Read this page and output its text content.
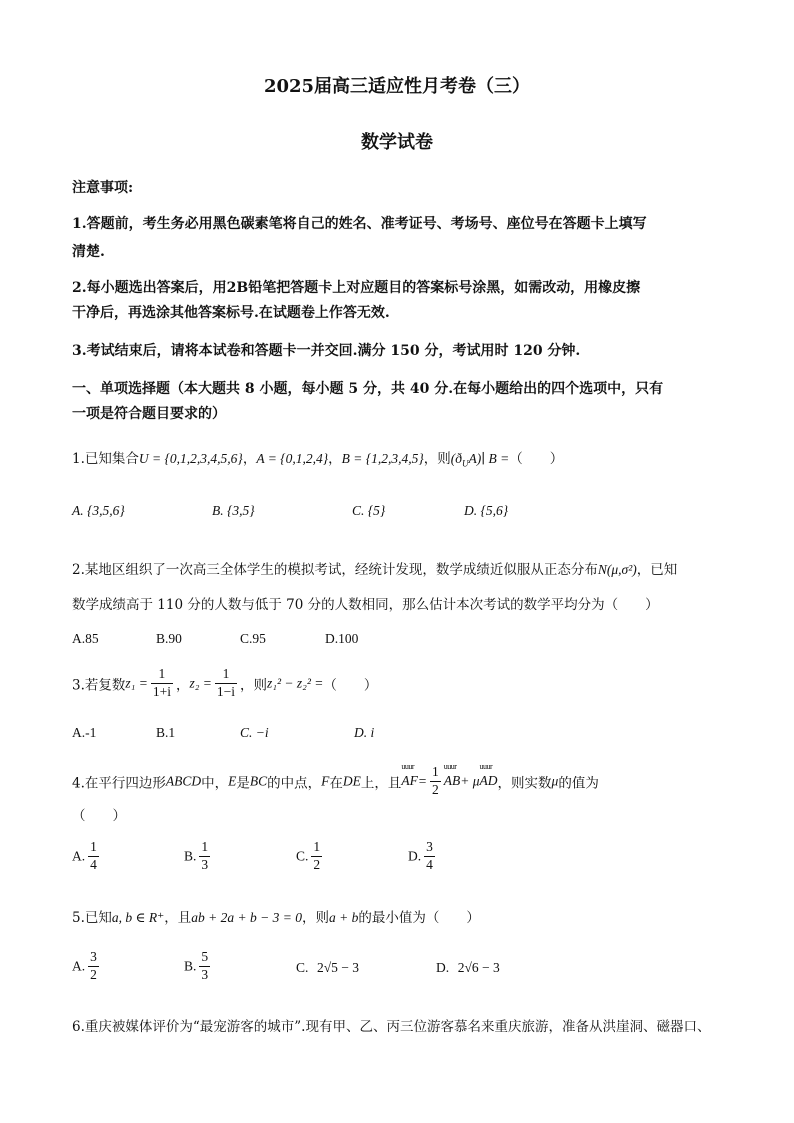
2025届高三适应性月考卷（三）
数学试卷
注意事项:
1.答题前，考生务必用黑色碳素笔将自己的姓名、准考证号、考场号、座位号在答题卡上填写
清楚.
2.每小题选出答案后，用2B铅笔把答题卡上对应题目的答案标号涂黑，如需改动，用橡皮擦
干净后，再选涂其他答案标号.在试题卷上作答无效.
3.考试结束后，请将本试卷和答题卡一并交回.满分 150 分，考试用时 120 分钟.
一、单项选择题（本大题共 8 小题，每小题 5 分，共 40 分.在每小题给出的四个选项中，只有
一项是符合题目要求的）
1.已知集合U = {0,1,2,3,4,5,6}，A = {0,1,2,4}，B = {1,2,3,4,5}，则$(ð_UA)∣$ B =（　　）
A. {3,5,6}	B. {3,5}	C. {5}	D. {5,6}
2.某地区组织了一次高三全体学生的模拟考试，经统计发现，数学成绩近似服从正态分布N(μ,σ²)，已知
数学成绩高于 110 分的人数与低于 70 分的人数相同，那么估计本次考试的数学平均分为（　　）
A.85	B.90	C.95	D.100
3.若复数$z_1 = \frac{1}{1+i}$ ，$z_2 = \frac{1}{1-i}$ ，则z₁² − z₂² =（　　）
A.-1	B.1	C. −i	D. i
4.在平行四边形ABCD中，E是BC的中点，F在DE上，且uuur $AF= \frac{1}{2}$
uuur AB+ μuuur AD，则实数μ的值为
（　　）
A. $\frac{1}{4}$	B. $\frac{1}{3}$	C. $\frac{1}{2}$	D. $\frac{3}{4}$
5.已知a, b ∈ R⁺，且ab + 2a + b − 3 = 0，则a + b的最小值为（　　）
A. $\frac{3}{2}$	B. $\frac{5}{3}$	C. 2√5 − 3	D. 2√6 − 3
6.重庆被媒体评价为“最宠游客的城市”.现有甲、乙、丙三位游客慕名来重庆旅游，准备从洪崖洞、磁器口、
